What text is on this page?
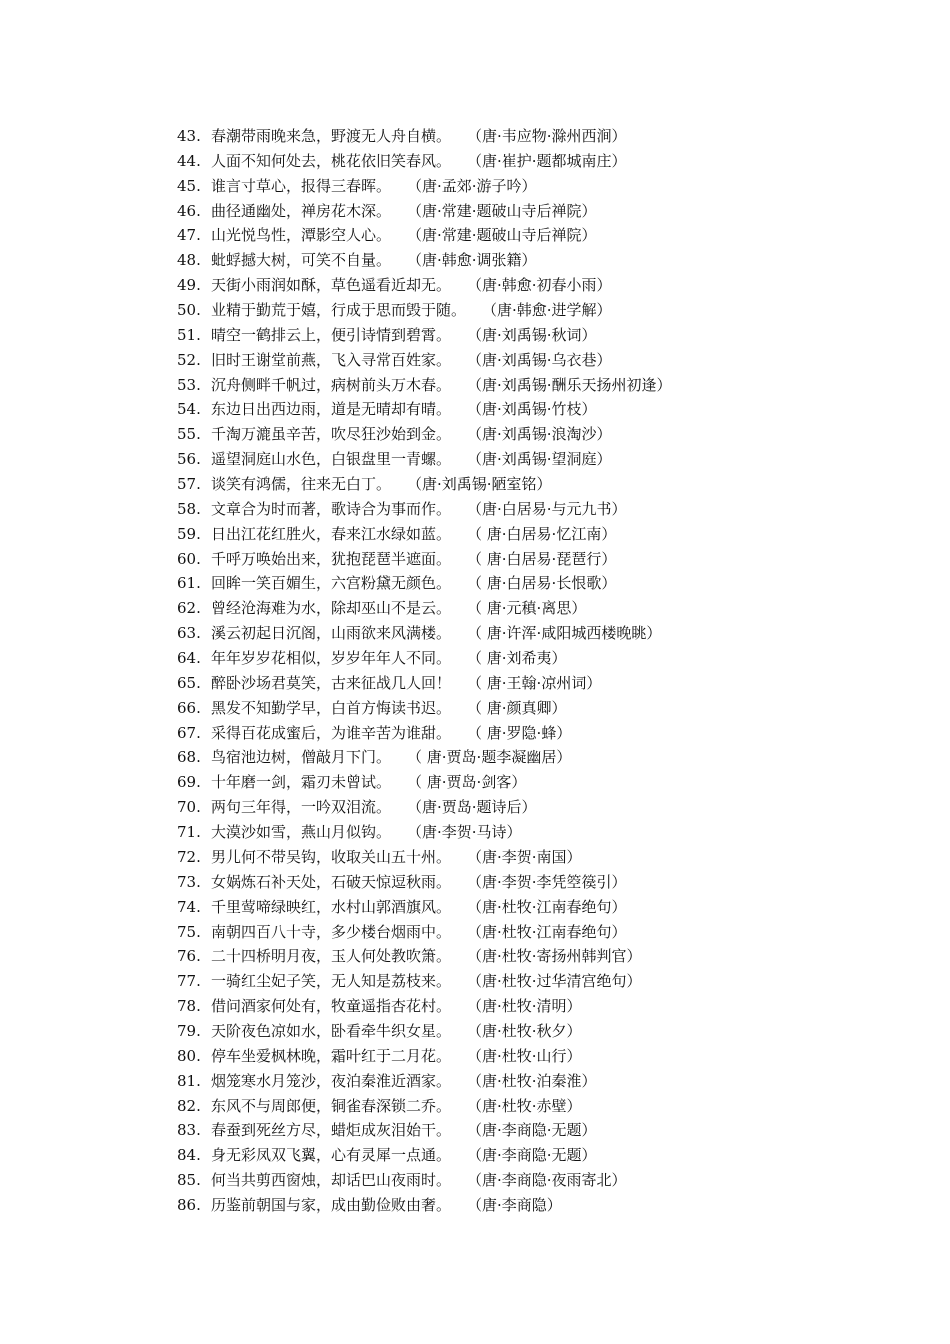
43. 春潮带雨晚来急，野渡无人舟自横。 （唐·韦应物·滁州西涧）
44. 人面不知何处去，桃花依旧笑春风。 （唐·崔护·题都城南庄）
45. 谁言寸草心，报得三春晖。 （唐·孟郊·游子吟）
46. 曲径通幽处，禅房花木深。 （唐·常建·题破山寺后禅院）
47. 山光悦鸟性，潭影空人心。 （唐·常建·题破山寺后禅院）
48. 蚍蜉撼大树，可笑不自量。 （唐·韩愈·调张籍）
49. 天街小雨润如酥，草色遥看近却无。 （唐·韩愈·初春小雨）
50. 业精于勤荒于嬉，行成于思而毁于随。 （唐·韩愈·进学解）
51. 晴空一鹤排云上，便引诗情到碧霄。 （唐·刘禹锡·秋词）
52. 旧时王谢堂前燕，飞入寻常百姓家。 （唐·刘禹锡·乌衣巷）
53. 沉舟侧畔千帆过，病树前头万木春。 （唐·刘禹锡·酬乐天扬州初逢）
54. 东边日出西边雨，道是无晴却有晴。 （唐·刘禹锡·竹枝）
55. 千淘万漉虽辛苦，吹尽狂沙始到金。 （唐·刘禹锡·浪淘沙）
56. 遥望洞庭山水色，白银盘里一青螺。 （唐·刘禹锡·望洞庭）
57. 谈笑有鸿儒，往来无白丁。 （唐·刘禹锡·陋室铭）
58. 文章合为时而著，歌诗合为事而作。 （唐·白居易·与元九书）
59. 日出江花红胜火，春来江水绿如蓝。 （ 唐·白居易·忆江南）
60. 千呼万唤始出来，犹抱琵琶半遮面。 （ 唐·白居易·琵琶行）
61. 回眸一笑百媚生，六宫粉黛无颜色。 （ 唐·白居易·长恨歌）
62. 曾经沧海难为水，除却巫山不是云。 （ 唐·元稹·离思）
63. 溪云初起日沉阁，山雨欲来风满楼。 （ 唐·许浑·咸阳城西楼晚眺）
64. 年年岁岁花相似，岁岁年年人不同。 （ 唐·刘希夷）
65. 醉卧沙场君莫笑，古来征战几人回！ （ 唐·王翰·凉州词）
66. 黑发不知勤学早，白首方悔读书迟。 （ 唐·颜真卿）
67. 采得百花成蜜后，为谁辛苦为谁甜。 （ 唐·罗隐·蜂）
68. 鸟宿池边树，僧敲月下门。 （ 唐·贾岛·题李凝幽居）
69. 十年磨一剑，霜刃未曾试。 （ 唐·贾岛·剑客）
70. 两句三年得，一吟双泪流。 （唐·贾岛·题诗后）
71. 大漠沙如雪，燕山月似钩。 （唐·李贺·马诗）
72. 男儿何不带吴钩，收取关山五十州。 （唐·李贺·南国）
73. 女娲炼石补天处，石破天惊逗秋雨。 （唐·李贺·李凭箜篌引）
74. 千里莺啼绿映红，水村山郭酒旗风。 （唐·杜牧·江南春绝句）
75. 南朝四百八十寺，多少楼台烟雨中。 （唐·杜牧·江南春绝句）
76. 二十四桥明月夜，玉人何处教吹箫。 （唐·杜牧·寄扬州韩判官）
77. 一骑红尘妃子笑，无人知是荔枝来。 （唐·杜牧·过华清宫绝句）
78. 借问酒家何处有，牧童遥指杏花村。 （唐·杜牧·清明）
79. 天阶夜色凉如水，卧看牵牛织女星。 （唐·杜牧·秋夕）
80. 停车坐爱枫林晚，霜叶红于二月花。 （唐·杜牧·山行）
81. 烟笼寒水月笼沙，夜泊秦淮近酒家。 （唐·杜牧·泊秦淮）
82. 东风不与周郎便，铜雀春深锁二乔。 （唐·杜牧·赤壁）
83. 春蚕到死丝方尽，蜡炬成灰泪始干。 （唐·李商隐·无题）
84. 身无彩凤双飞翼，心有灵犀一点通。 （唐·李商隐·无题）
85. 何当共剪西窗烛，却话巴山夜雨时。 （唐·李商隐·夜雨寄北）
86. 历鉴前朝国与家，成由勤俭败由奢。 （唐·李商隐）
